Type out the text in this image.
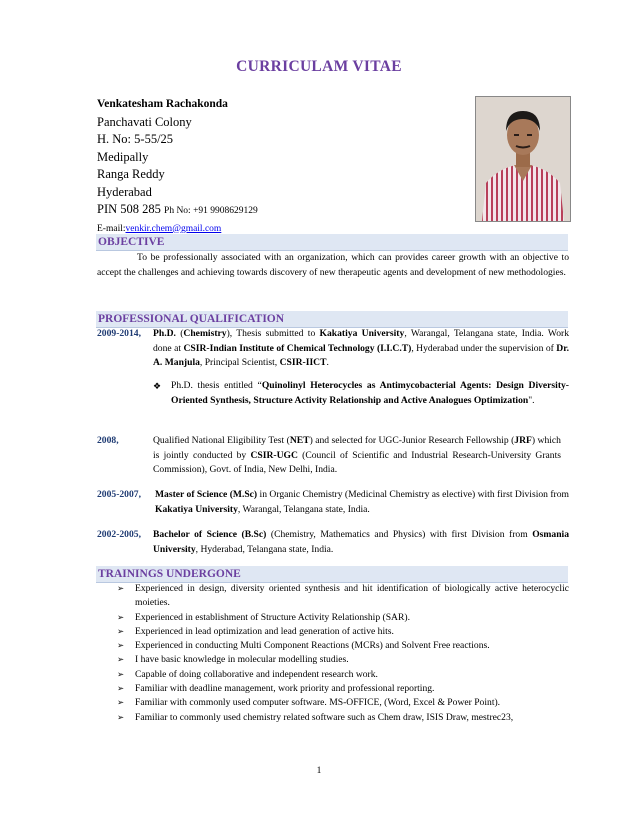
CURRICULAM VITAE
Venkatesham Rachakonda
Panchavati Colony
H. No: 5-55/25
Medipally
Ranga Reddy
Hyderabad
PIN 508 285 Ph No: +91 9908629129
E-mail:venkir.chem@gmail.com
OBJECTIVE
To be professionally associated with an organization, which can provides career growth with an objective to accept the challenges and achieving towards discovery of new therapeutic agents and development of new methodologies.
PROFESSIONAL QUALIFICATION
2009-2014, Ph.D. (Chemistry), Thesis submitted to Kakatiya University, Warangal, Telangana state, India. Work done at CSIR-Indian Institute of Chemical Technology (I.I.C.T), Hyderabad under the supervision of Dr. A. Manjula, Principal Scientist, CSIR-IICT.
❖ Ph.D. thesis entitled “Quinolinyl Heterocycles as Antimycobacterial Agents: Design Diversity-Oriented Synthesis, Structure Activity Relationship and Active Analogues Optimization".
2008,	Qualified National Eligibility Test (NET) and selected for UGC-Junior Research Fellowship (JRF) which is jointly conducted by CSIR-UGC (Council of Scientific and Industrial Research-University Grants Commission), Govt. of India, New Delhi, India.
2005-2007, Master of Science (M.Sc) in Organic Chemistry (Medicinal Chemistry as elective) with first Division from Kakatiya University, Warangal, Telangana state, India.
2002-2005, Bachelor of Science (B.Sc) (Chemistry, Mathematics and Physics) with first Division from Osmania University, Hyderabad, Telangana state, India.
TRAININGS UNDERGONE
➢ Experienced in design, diversity oriented synthesis and hit identification of biologically active heterocyclic moieties.
➢ Experienced in establishment of Structure Activity Relationship (SAR).
➢ Experienced in lead optimization and lead generation of active hits.
➢ Experienced in conducting Multi Component Reactions (MCRs) and Solvent Free reactions.
➢ I have basic knowledge in molecular modelling studies.
➢ Capable of doing collaborative and independent research work.
➢ Familiar with deadline management, work priority and professional reporting.
➢ Familiar with commonly used computer software. MS-OFFICE, (Word, Excel & Power Point).
➢ Familiar to commonly used chemistry related software such as Chem draw, ISIS Draw, mestrec23,
1
